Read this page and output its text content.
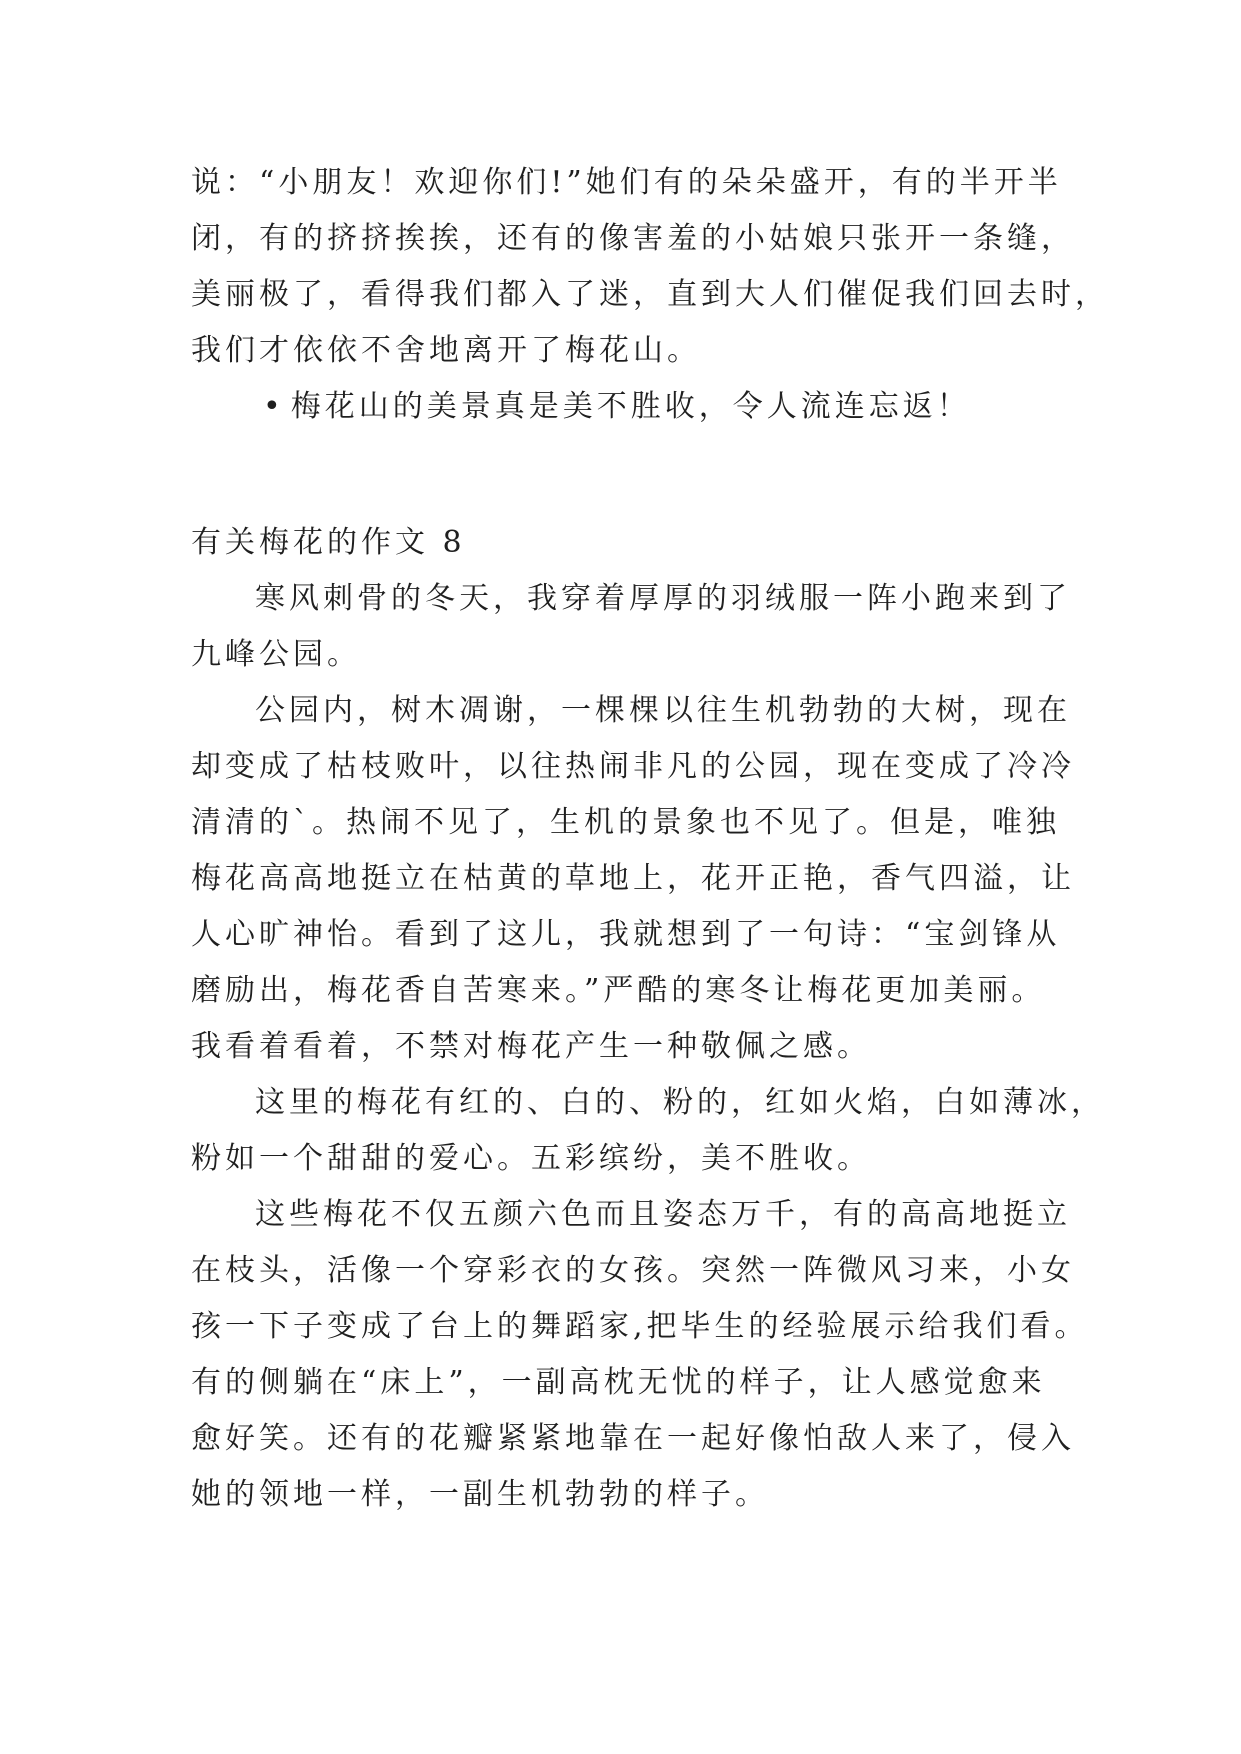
说：“小朋友！欢迎你们!”她们有的朵朵盛开，有的半开半
闭，有的挤挤挨挨，还有的像害羞的小姑娘只张开一条缝，
美丽极了，看得我们都入了迷，直到大人们催促我们回去时，
我们才依依不舍地离开了梅花山。
• 梅花山的美景真是美不胜收，令人流连忘返！
有关梅花的作文 8
寒风刺骨的冬天，我穿着厚厚的羽绒服一阵小跑来到了
九峰公园。
公园内，树木凋谢，一棵棵以往生机勃勃的大树，现在
却变成了枯枝败叶，以往热闹非凡的公园，现在变成了冷冷
清清的`。热闹不见了，生机的景象也不见了。但是，唯独
梅花高高地挺立在枯黄的草地上，花开正艳，香气四溢，让
人心旷神怡。看到了这儿，我就想到了一句诗：“宝剑锋从
磨励出，梅花香自苦寒来。”严酷的寒冬让梅花更加美丽。
我看着看着，不禁对梅花产生一种敬佩之感。
这里的梅花有红的、白的、粉的，红如火焰，白如薄冰，
粉如一个甜甜的爱心。五彩缤纷，美不胜收。
这些梅花不仅五颜六色而且姿态万千，有的高高地挺立
在枝头，活像一个穿彩衣的女孩。突然一阵微风习来，小女
孩一下子变成了台上的舞蹈家,把毕生的经验展示给我们看。
有的侧躺在“床上”，一副高枕无忧的样子，让人感觉愈来
愈好笑。还有的花瓣紧紧地靠在一起好像怕敌人来了，侵入
她的领地一样，一副生机勃勃的样子。
